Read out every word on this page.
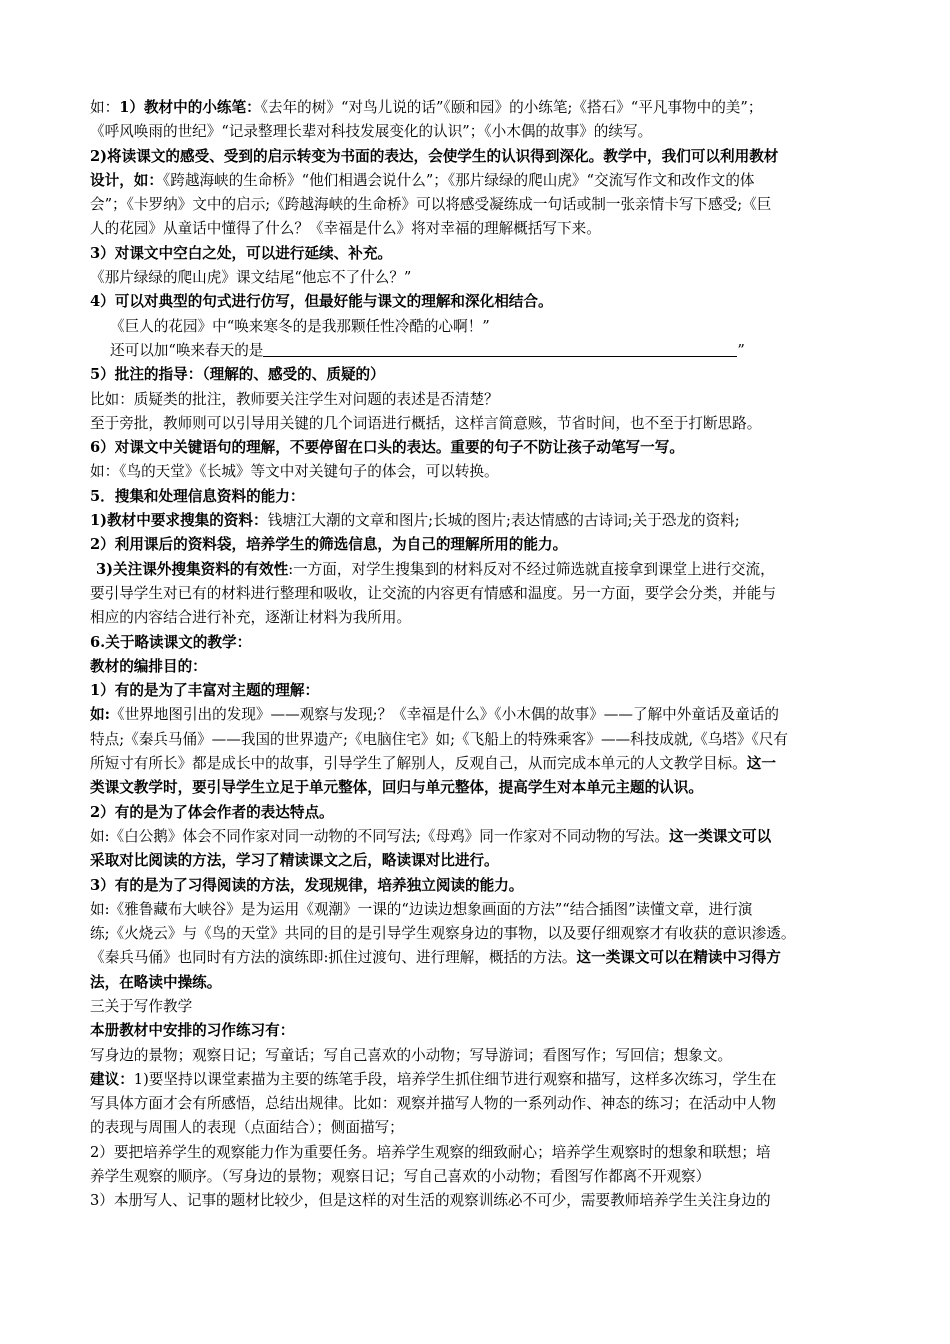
如：1）教材中的小练笔：《去年的树》“对鸟儿说的话”《颐和园》的小练笔;《搭石》“平凡事物中的美”；

《呼风唤雨的世纪》“记录整理长辈对科技发展变化的认识”；《小木偶的故事》的续写。

2)将读课文的感受、受到的启示转变为书面的表达，会使学生的认识得到深化。教学中，我们可以利用教材

设计，如：《跨越海峡的生命桥》“他们相遇会说什么”；《那片绿绿的爬山虎》“交流写作文和改作文的体

会”；《卡罗纳》文中的启示;《跨越海峡的生命桥》可以将感受凝练成一句话或制一张亲情卡写下感受;《巨

人的花园》从童话中懂得了什么？《幸福是什么》将对幸福的理解概括写下来。

3）对课文中空白之处，可以进行延续、补充。

《那片绿绿的爬山虎》课文结尾“他忘不了什么？”

4）可以对典型的句式进行仿写，但最好能与课文的理解和深化相结合。

《巨人的花园》中“唤来寒冬的是我那颗任性冷酷的心啊！”

还可以加“唤来春天的是	”

5）批注的指导：（理解的、感受的、质疑的）

比如：质疑类的批注，教师要关注学生对问题的表述是否清楚？

至于旁批，教师则可以引导用关键的几个词语进行概括，这样言简意赅，节省时间，也不至于打断思路。

6）对课文中关键语句的理解，不要停留在口头的表达。重要的句子不防让孩子动笔写一写。

如：《鸟的天堂》《长城》等文中对关键句子的体会，可以转换。

5．搜集和处理信息资料的能力：

1)教材中要求搜集的资料：钱塘江大潮的文章和图片;长城的图片;表达情感的古诗词;关于恐龙的资料;

2）利用课后的资料袋，培养学生的筛选信息，为自己的理解所用的能力。

3)关注课外搜集资料的有效性:一方面，对学生搜集到的材料反对不经过筛选就直接拿到课堂上进行交流，

要引导学生对已有的材料进行整理和吸收，让交流的内容更有情感和温度。另一方面，要学会分类，并能与

相应的内容结合进行补充，逐渐让材料为我所用。

6.关于略读课文的教学：

教材的编排目的：

1）有的是为了丰富对主题的理解：

如:《世界地图引出的发现》——观察与发现;？《幸福是什么》《小木偶的故事》——了解中外童话及童话的

特点;《秦兵马俑》——我国的世界遗产;《电脑住宅》如;《飞船上的特殊乘客》——科技成就,《乌塔》《尺有

所短寸有所长》都是成长中的故事，引导学生了解别人，反观自己，从而完成本单元的人文教学目标。这一

类课文教学时，要引导学生立足于单元整体，回归与单元整体，提高学生对本单元主题的认识。

2）有的是为了体会作者的表达特点。

如:《白公鹅》体会不同作家对同一动物的不同写法;《母鸡》同一作家对不同动物的写法。这一类课文可以

采取对比阅读的方法，学习了精读课文之后，略读课对比进行。

3）有的是为了习得阅读的方法，发现规律，培养独立阅读的能力。

如:《雅鲁藏布大峡谷》是为运用《观潮》一课的“边读边想象画面的方法”“结合插图”读懂文章，进行演

练;《火烧云》与《鸟的天堂》共同的目的是引导学生观察身边的事物，以及要仔细观察才有收获的意识渗透。

《秦兵马俑》也同时有方法的演练即:抓住过渡句、进行理解，概括的方法。这一类课文可以在精读中习得方

法，在略读中操练。

三关于写作教学

本册教材中安排的习作练习有：

写身边的景物；观察日记；写童话；写自己喜欢的小动物；写导游词；看图写作；写回信；想象文。

建议：1)要坚持以课堂素描为主要的练笔手段，培养学生抓住细节进行观察和描写，这样多次练习，学生在

写具体方面才会有所感悟，总结出规律。比如：观察并描写人物的一系列动作、神态的练习；在活动中人物

的表现与周围人的表现（点面结合）；侧面描写；

2）要把培养学生的观察能力作为重要任务。培养学生观察的细致耐心；培养学生观察时的想象和联想；培

养学生观察的顺序。（写身边的景物；观察日记；写自己喜欢的小动物；看图写作都离不开观察）

3）本册写人、记事的题材比较少，但是这样的对生活的观察训练必不可少，需要教师培养学生关注身边的
